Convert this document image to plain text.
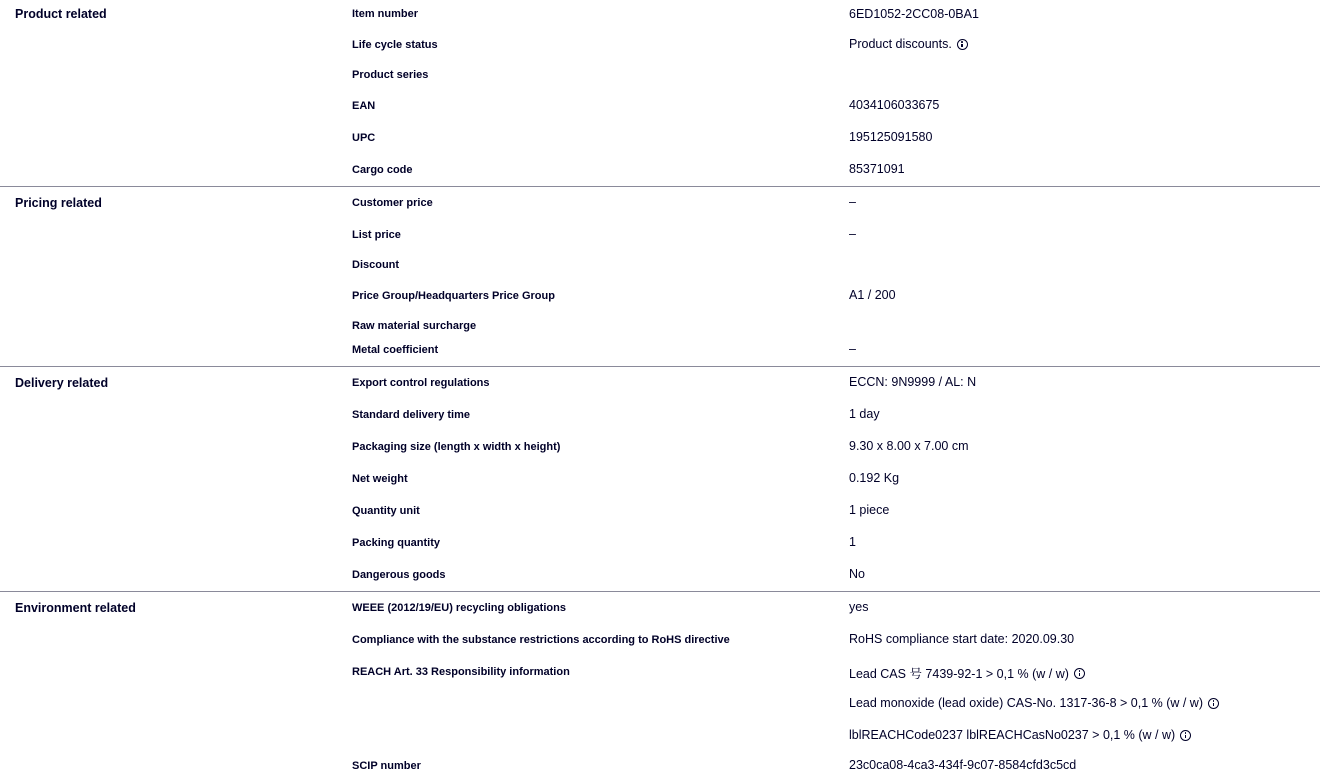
Product related	Item number	6ED1052-2CC08-0BA1
Life cycle status	Product discounts.
Product series
EAN	4034106033675
UPC	195125091580
Cargo code	85371091
Pricing related	Customer price	–
List price	–
Discount
Price Group/Headquarters Price Group	A1 / 200
Raw material surcharge
Metal coefficient	–
Delivery related	Export control regulations	ECCN: 9N9999 / AL: N
Standard delivery time	1 day
Packaging size (length x width x height)	9.30 x 8.00 x 7.00 cm
Net weight	0.192 Kg
Quantity unit	1 piece
Packing quantity	1
Dangerous goods	No
Environment related	WEEE (2012/19/EU) recycling obligations	yes
Compliance with the substance restrictions according to RoHS directive	RoHS compliance start date: 2020.09.30
REACH Art. 33 Responsibility information	Lead CAS 号 7439-92-1 > 0,1 % (w / w)
Lead monoxide (lead oxide) CAS-No. 1317-36-8 > 0,1 % (w / w)
lblREACHCode0237 lblREACHCasNo0237 > 0,1 % (w / w)
SCIP number	23c0ca08-4ca3-434f-9c07-8584cfd3c5cd
